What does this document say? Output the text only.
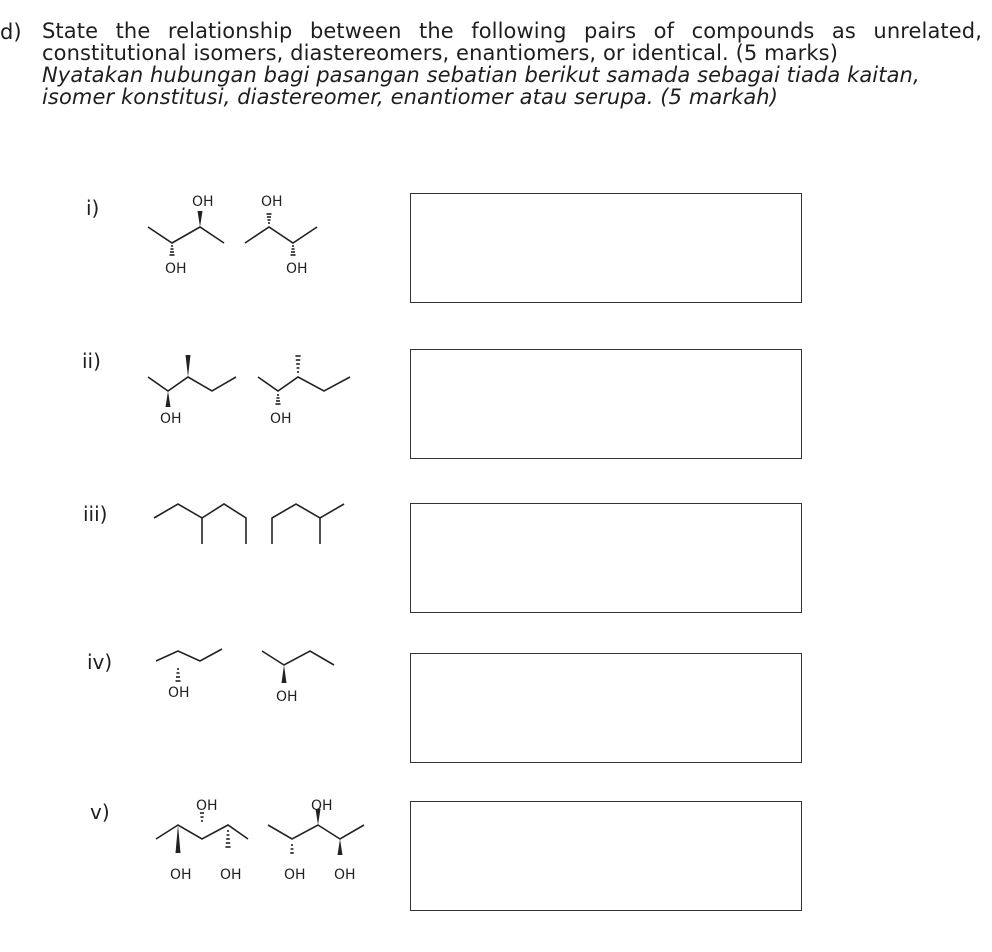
d) State the relationship between the following pairs of compounds as unrelated, constitutional isomers, diastereomers, enantiomers, or identical. (5 marks)
Nyatakan hubungan bagi pasangan sebatian berikut samada sebagai tiada kaitan, isomer konstitusi, diastereomer, enantiomer atau serupa. (5 markah)
i)	OH
OH
OH
OH
ii)
OH	OH
iii)
iv)
OH	OH
v)	OH
OH OH
OH
OH OH
